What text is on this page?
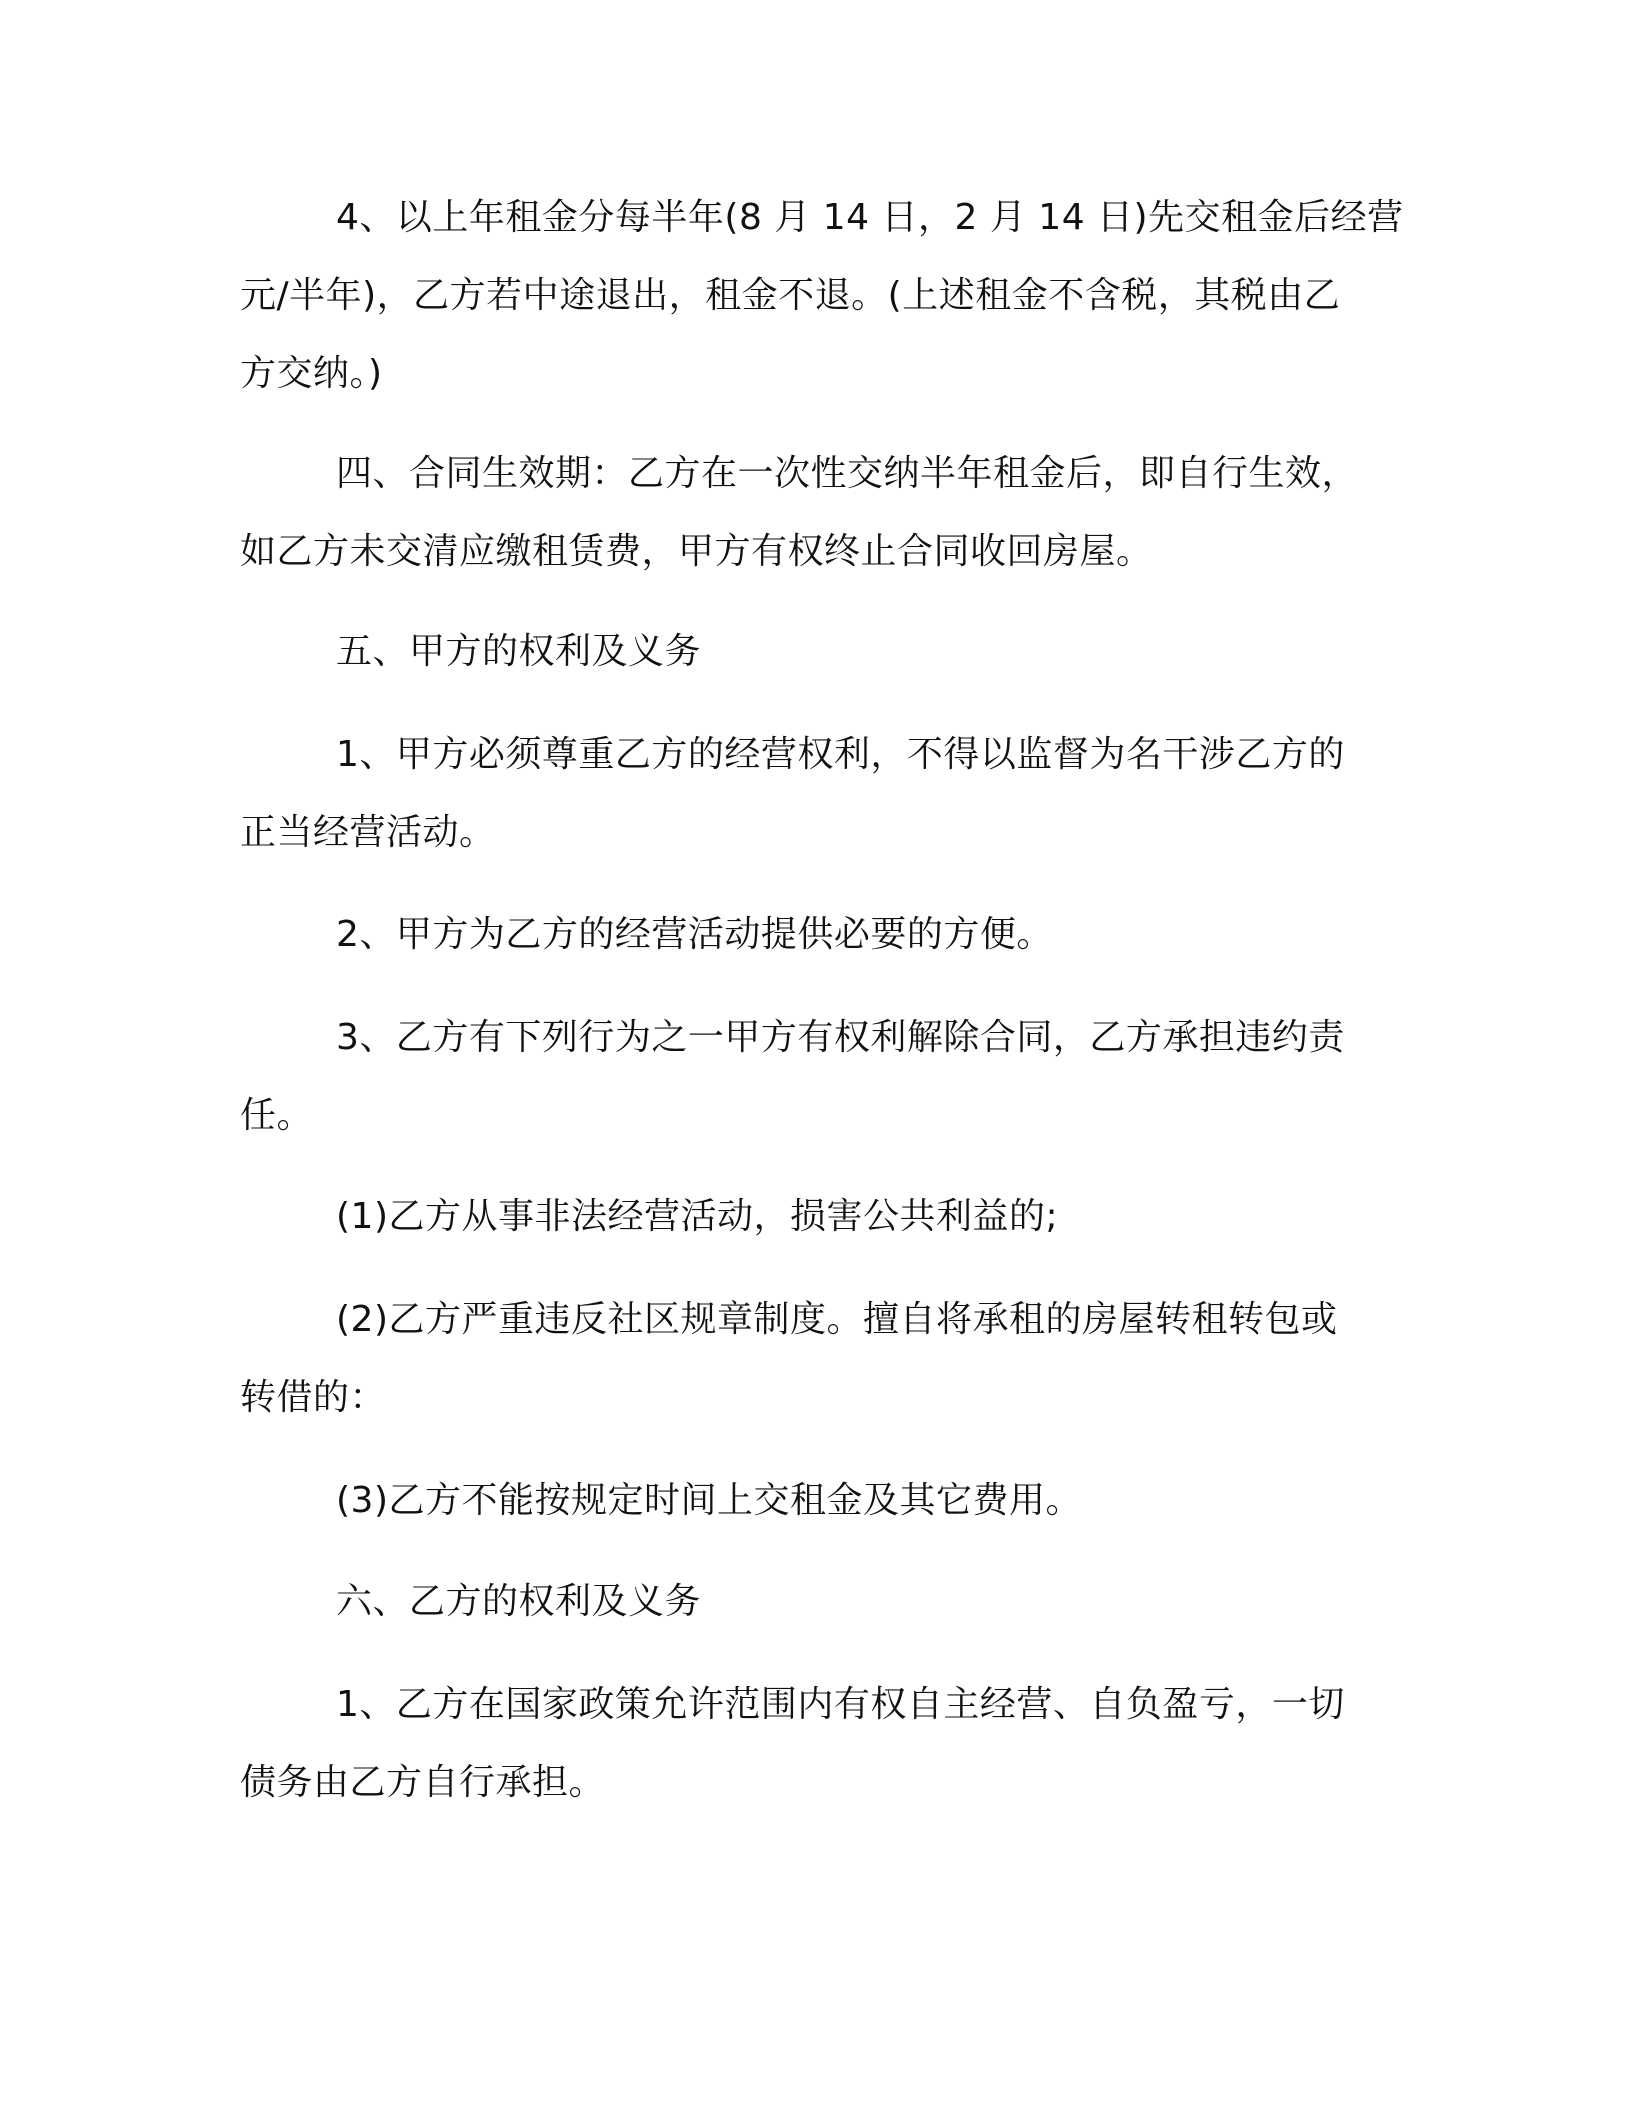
4、以上年租金分每半年(8 月 14 日，2 月 14 日)先交租金后经营
元/半年)，乙方若中途退出，租金不退。(上述租金不含税，其税由乙
方交纳。)
四、合同生效期：乙方在一次性交纳半年租金后，即自行生效，
如乙方未交清应缴租赁费，甲方有权终止合同收回房屋。
五、甲方的权利及义务
1、甲方必须尊重乙方的经营权利，不得以监督为名干涉乙方的
正当经营活动。
2、甲方为乙方的经营活动提供必要的方便。
3、乙方有下列行为之一甲方有权利解除合同，乙方承担违约责
任。
(1)乙方从事非法经营活动，损害公共利益的;
(2)乙方严重违反社区规章制度。擅自将承租的房屋转租转包或
转借的：
(3)乙方不能按规定时间上交租金及其它费用。
六、乙方的权利及义务
1、乙方在国家政策允许范围内有权自主经营、自负盈亏，一切
债务由乙方自行承担。
